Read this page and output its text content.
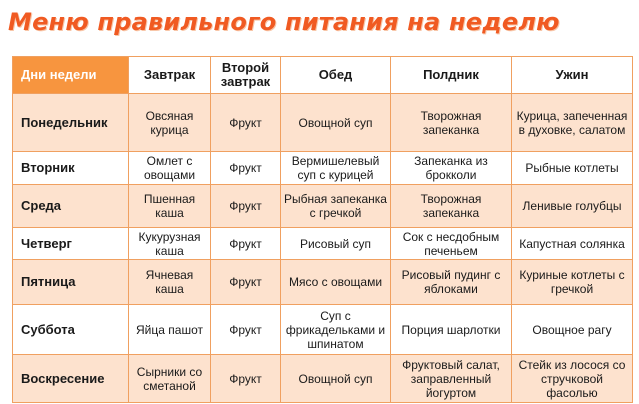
Меню правильного питания на неделю
Дни недели	Завтрак	Второй завтрак	Обед	Полдник	Ужин
Понедельник	Овсяная курица	Фрукт	Овощной суп	Творожная запеканка	Курица, запеченная в духовке, салатом
Вторник	Омлет с овощами	Фрукт	Вермишелевый суп с курицей	Запеканка из брокколи	Рыбные котлеты
Среда	Пшенная каша	Фрукт	Рыбная запеканка с гречкой	Творожная запеканка	Ленивые голубцы
Четверг	Кукурузная каша	Фрукт	Рисовый суп	Сок с несдобным печеньем	Капустная солянка
Пятница	Ячневая каша	Фрукт	Мясо с овощами	Рисовый пудинг с яблоками	Куриные котлеты с гречкой
Суббота	Яйца пашот	Фрукт	Суп с фрикадельками и шпинатом	Порция шарлотки	Овощное рагу
Воскресение	Сырники со сметаной	Фрукт	Овощной суп	Фруктовый салат, заправленный йогуртом	Стейк из лосося со стручковой фасолью
